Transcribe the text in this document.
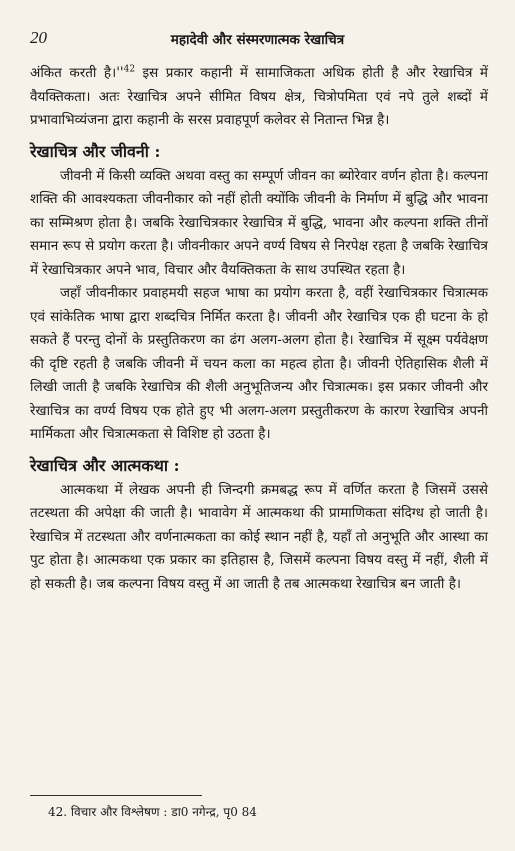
20	महादेवी और संस्मरणात्मक रेखाचित्र

अंकित करती $है।''^{42}$ इस प्रकार कहानी में सामाजिकता अधिक होती है और रेखाचित्र में वैयक्तिकता। अतः रेखाचित्र अपने सीमित विषय क्षेत्र, चित्रोपमिता एवं नपे तुले शब्दों में प्रभावाभिव्यंजना द्वारा कहानी के सरस प्रवाहपूर्ण कलेवर से नितान्त भिन्न है।

रेखाचित्र और जीवनी :

जीवनी में किसी व्यक्ति अथवा वस्तु का सम्पूर्ण जीवन का ब्योरेवार वर्णन होता है। कल्पना शक्ति की आवश्यकता जीवनीकार को नहीं होती क्योंकि जीवनी के निर्माण में बुद्धि और भावना का सम्मिश्रण होता है। जबकि रेखाचित्रकार रेखाचित्र में बुद्धि, भावना और कल्पना शक्ति तीनों समान रूप से प्रयोग करता है। जीवनीकार अपने वर्ण्य विषय से निरपेक्ष रहता है जबकि रेखाचित्र में रेखाचित्रकार अपने भाव, विचार और वैयक्तिकता के साथ उपस्थित रहता है।

जहाँ जीवनीकार प्रवाहमयी सहज भाषा का प्रयोग करता है, वहीं रेखाचित्रकार चित्रात्मक एवं सांकेतिक भाषा द्वारा शब्दचित्र निर्मित करता है। जीवनी और रेखाचित्र एक ही घटना के हो सकते हैं परन्तु दोनों के प्रस्तुतिकरण का ढंग अलग-अलग होता है। रेखाचित्र में सूक्ष्म पर्यवेक्षण की दृष्टि रहती है जबकि जीवनी में चयन कला का महत्व होता है। जीवनी ऐतिहासिक शैली में लिखी जाती है जबकि रेखाचित्र की शैली अनुभूतिजन्य और चित्रात्मक। इस प्रकार जीवनी और रेखाचित्र का वर्ण्य विषय एक होते हुए भी अलग-अलग प्रस्तुतीकरण के कारण रेखाचित्र अपनी मार्मिकता और चित्रात्मकता से विशिष्ट हो उठता है।

रेखाचित्र और आत्मकथा :

आत्मकथा में लेखक अपनी ही जिन्दगी क्रमबद्ध रूप में वर्णित करता है जिसमें उससे तटस्थता की अपेक्षा की जाती है। भावावेग में आत्मकथा की प्रामाणिकता संदिग्ध हो जाती है। रेखाचित्र में तटस्थता और वर्णनात्मकता का कोई स्थान नहीं है, यहाँ तो अनुभूति और आस्था का पुट होता है। आत्मकथा एक प्रकार का इतिहास है, जिसमें कल्पना विषय वस्तु में नहीं, शैली में हो सकती है। जब कल्पना विषय वस्तु में आ जाती है तब आत्मकथा रेखाचित्र बन जाती है।

42. विचार और विश्लेषण : डा0 नगेन्द्र, पृ0 84
